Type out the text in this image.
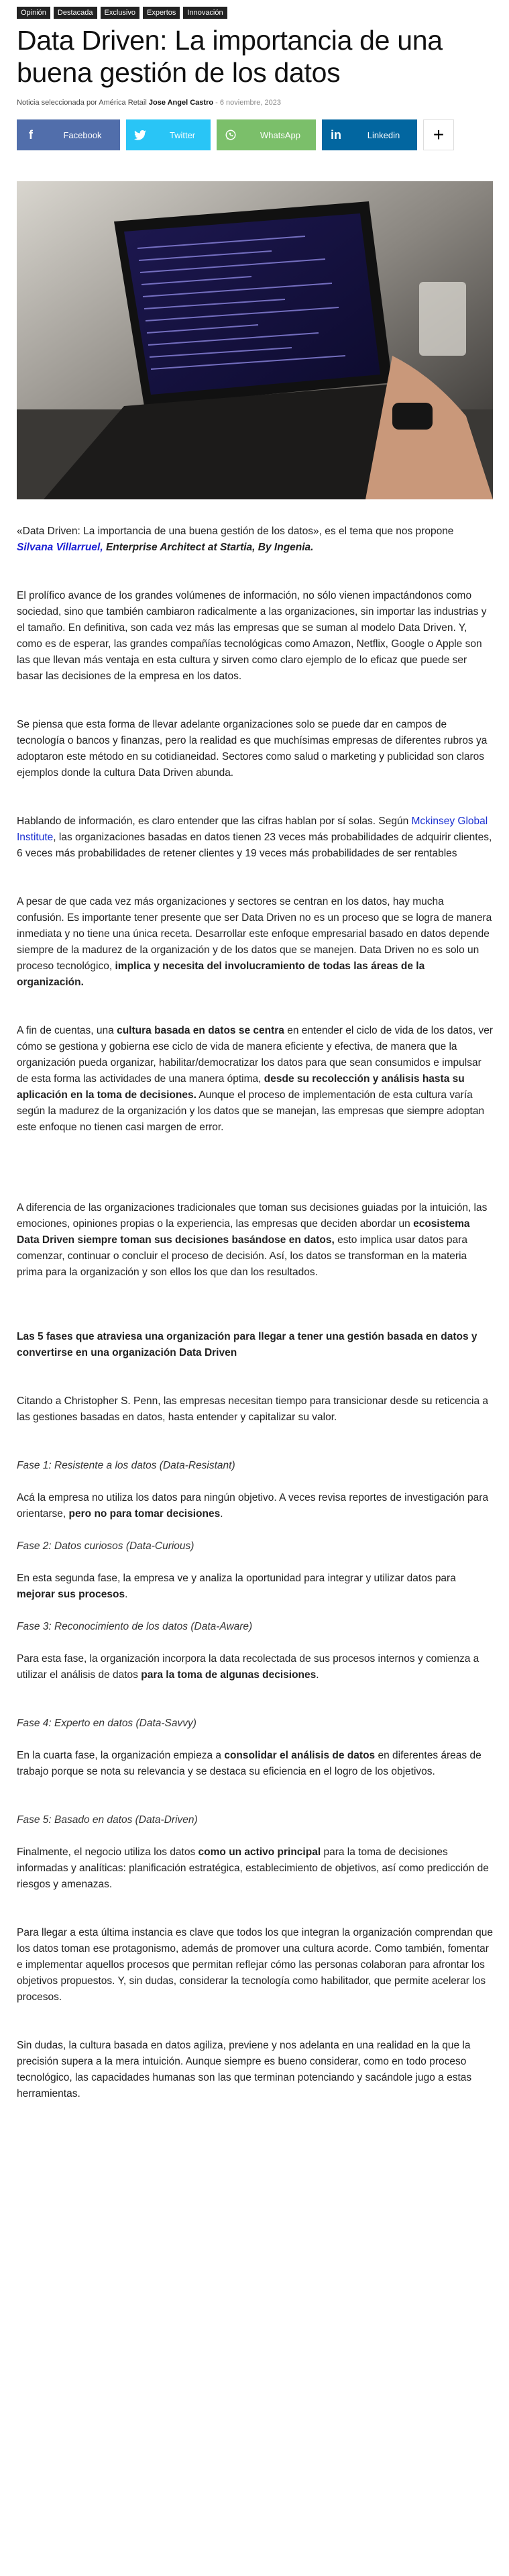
Opinión	Destacada	Exclusivo	Expertos	Innovación
Data Driven: La importancia de una buena gestión de los datos
Noticia seleccionada por América Retail Jose Angel Castro - 6 noviembre, 2023
f	Facebook	Twitter	WhatsApp	in	Linkedin	+

«Data Driven: La importancia de una buena gestión de los datos», es el tema que nos propone Silvana Villarruel, Enterprise Architect at Startia, By Ingenia.

El prolífico avance de los grandes volúmenes de información, no sólo vienen impactándonos como sociedad, sino que también cambiaron radicalmente a las organizaciones, sin importar las industrias y el tamaño. En definitiva, son cada vez más las empresas que se suman al modelo Data Driven. Y, como es de esperar, las grandes compañías tecnológicas como Amazon, Netflix, Google o Apple son las que llevan más ventaja en esta cultura y sirven como claro ejemplo de lo eficaz que puede ser basar las decisiones de la empresa en los datos.

Se piensa que esta forma de llevar adelante organizaciones solo se puede dar en campos de tecnología o bancos y finanzas, pero la realidad es que muchísimas empresas de diferentes rubros ya adoptaron este método en su cotidianeidad. Sectores como salud o marketing y publicidad son claros ejemplos donde la cultura Data Driven abunda.

Hablando de información, es claro entender que las cifras hablan por sí solas. Según Mckinsey Global Institute, las organizaciones basadas en datos tienen 23 veces más probabilidades de adquirir clientes, 6 veces más probabilidades de retener clientes y 19 veces más probabilidades de ser rentables

A pesar de que cada vez más organizaciones y sectores se centran en los datos, hay mucha confusión. Es importante tener presente que ser Data Driven no es un proceso que se logra de manera inmediata y no tiene una única receta. Desarrollar este enfoque empresarial basado en datos depende siempre de la madurez de la organización y de los datos que se manejen. Data Driven no es solo un proceso tecnológico, implica y necesita del involucramiento de todas las áreas de la organización.

A fin de cuentas, una cultura basada en datos se centra en entender el ciclo de vida de los datos, ver cómo se gestiona y gobierna ese ciclo de vida de manera eficiente y efectiva, de manera que la organización pueda organizar, habilitar/democratizar los datos para que sean consumidos e impulsar de esta forma las actividades de una manera óptima, desde su recolección y análisis hasta su aplicación en la toma de decisiones. Aunque el proceso de implementación de esta cultura varía según la madurez de la organización y los datos que se manejan, las empresas que siempre adoptan este enfoque no tienen casi margen de error.

A diferencia de las organizaciones tradicionales que toman sus decisiones guiadas por la intuición, las emociones, opiniones propias o la experiencia, las empresas que deciden abordar un ecosistema Data Driven siempre toman sus decisiones basándose en datos, esto implica usar datos para comenzar, continuar o concluir el proceso de decisión. Así, los datos se transforman en la materia prima para la organización y son ellos los que dan los resultados.

Las 5 fases que atraviesa una organización para llegar a tener una gestión basada en datos y convertirse en una organización Data Driven

Citando a Christopher S. Penn, las empresas necesitan tiempo para transicionar desde su reticencia a las gestiones basadas en datos, hasta entender y capitalizar su valor.

Fase 1: Resistente a los datos (Data-Resistant)

Acá la empresa no utiliza los datos para ningún objetivo. A veces revisa reportes de investigación para orientarse, pero no para tomar decisiones.

Fase 2: Datos curiosos (Data-Curious)

En esta segunda fase, la empresa ve y analiza la oportunidad para integrar y utilizar datos para mejorar sus procesos.

Fase 3: Reconocimiento de los datos (Data-Aware)

Para esta fase, la organización incorpora la data recolectada de sus procesos internos y comienza a utilizar el análisis de datos para la toma de algunas decisiones.

Fase 4: Experto en datos (Data-Savvy)

En la cuarta fase, la organización empieza a consolidar el análisis de datos en diferentes áreas de trabajo porque se nota su relevancia y se destaca su eficiencia en el logro de los objetivos.

Fase 5: Basado en datos (Data-Driven)

Finalmente, el negocio utiliza los datos como un activo principal para la toma de decisiones informadas y analíticas: planificación estratégica, establecimiento de objetivos, así como predicción de riesgos y amenazas.

Para llegar a esta última instancia es clave que todos los que integran la organización comprendan que los datos toman ese protagonismo, además de promover una cultura acorde. Como también, fomentar e implementar aquellos procesos que permitan reflejar cómo las personas colaboran para afrontar los objetivos propuestos. Y, sin dudas, considerar la tecnología como habilitador, que permite acelerar los procesos.

Sin dudas, la cultura basada en datos agiliza, previene y nos adelanta en una realidad en la que la precisión supera a la mera intuición. Aunque siempre es bueno considerar, como en todo proceso tecnológico, las capacidades humanas son las que terminan potenciando y sacándole jugo a estas herramientas.
